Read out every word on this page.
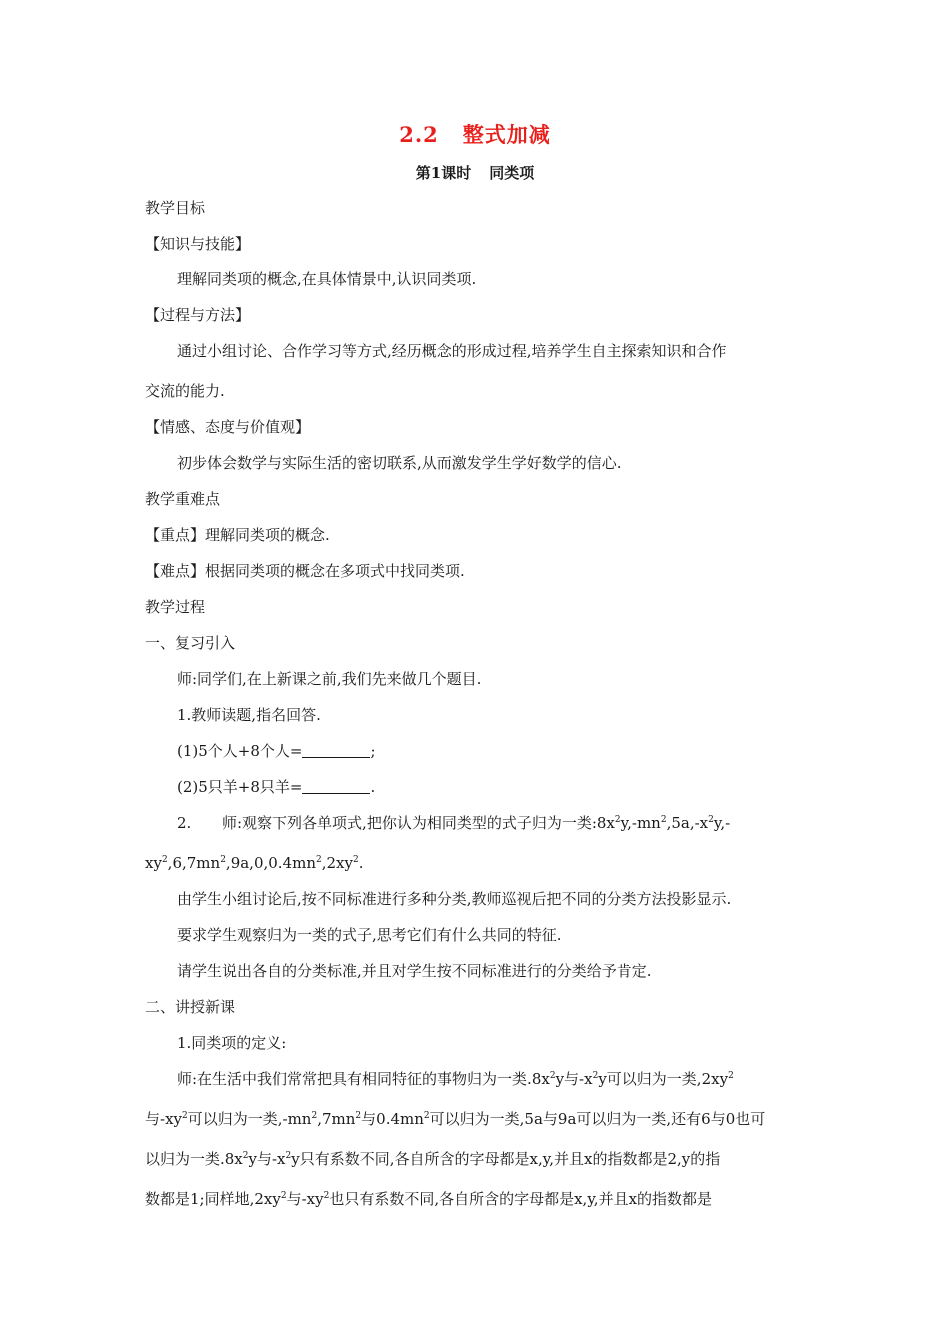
2.2 整式加减
第1课时 同类项
教学目标
【知识与技能】
理解同类项的概念,在具体情景中,认识同类项.
【过程与方法】
通过小组讨论、合作学习等方式,经历概念的形成过程,培养学生自主探索知识和合作
交流的能力.
【情感、态度与价值观】
初步体会数学与实际生活的密切联系,从而激发学生学好数学的信心.
教学重难点
【重点】理解同类项的概念.
【难点】根据同类项的概念在多项式中找同类项.
教学过程
一、复习引入
师:同学们,在上新课之前,我们先来做几个题目.
1.教师读题,指名回答.
(1)5个人+8个人=	;
(2)5只羊+8只羊=	.
2. 师:观察下列各单项式,把你认为相同类型的式子归为一类$:8x^2y,-mn^2,5a,-x^2y,-$
$xy^2,6,7mn^2,9a,0,0.4mn^2,2xy^2$.
由学生小组讨论后,按不同标准进行多种分类,教师巡视后把不同的分类方法投影显示.
要求学生观察归为一类的式子,思考它们有什么共同的特征.
请学生说出各自的分类标准,并且对学生按不同标准进行的分类给予肯定.
二、讲授新课
1.同类项的定义:
师:在生活中我们常常把具有相同特征的事物归为一类$.8x^2y$与$-x^2y$可以归为一类$,2xy^2$
与$-xy^2$可以归为一类$,-mn^2,7mn^2$与$0.4mn^2$可以归为一类,5a与9a可以归为一类,还有6与0也可
以归为一类$.8x^2y$与$-x^2y$只有系数不同,各自所含的字母都是x,y,并且x的指数都是2,y的指
数都是1;同样地$,2xy^2$与$-xy^2$也只有系数不同,各自所含的字母都是x,y,并且x的指数都是
